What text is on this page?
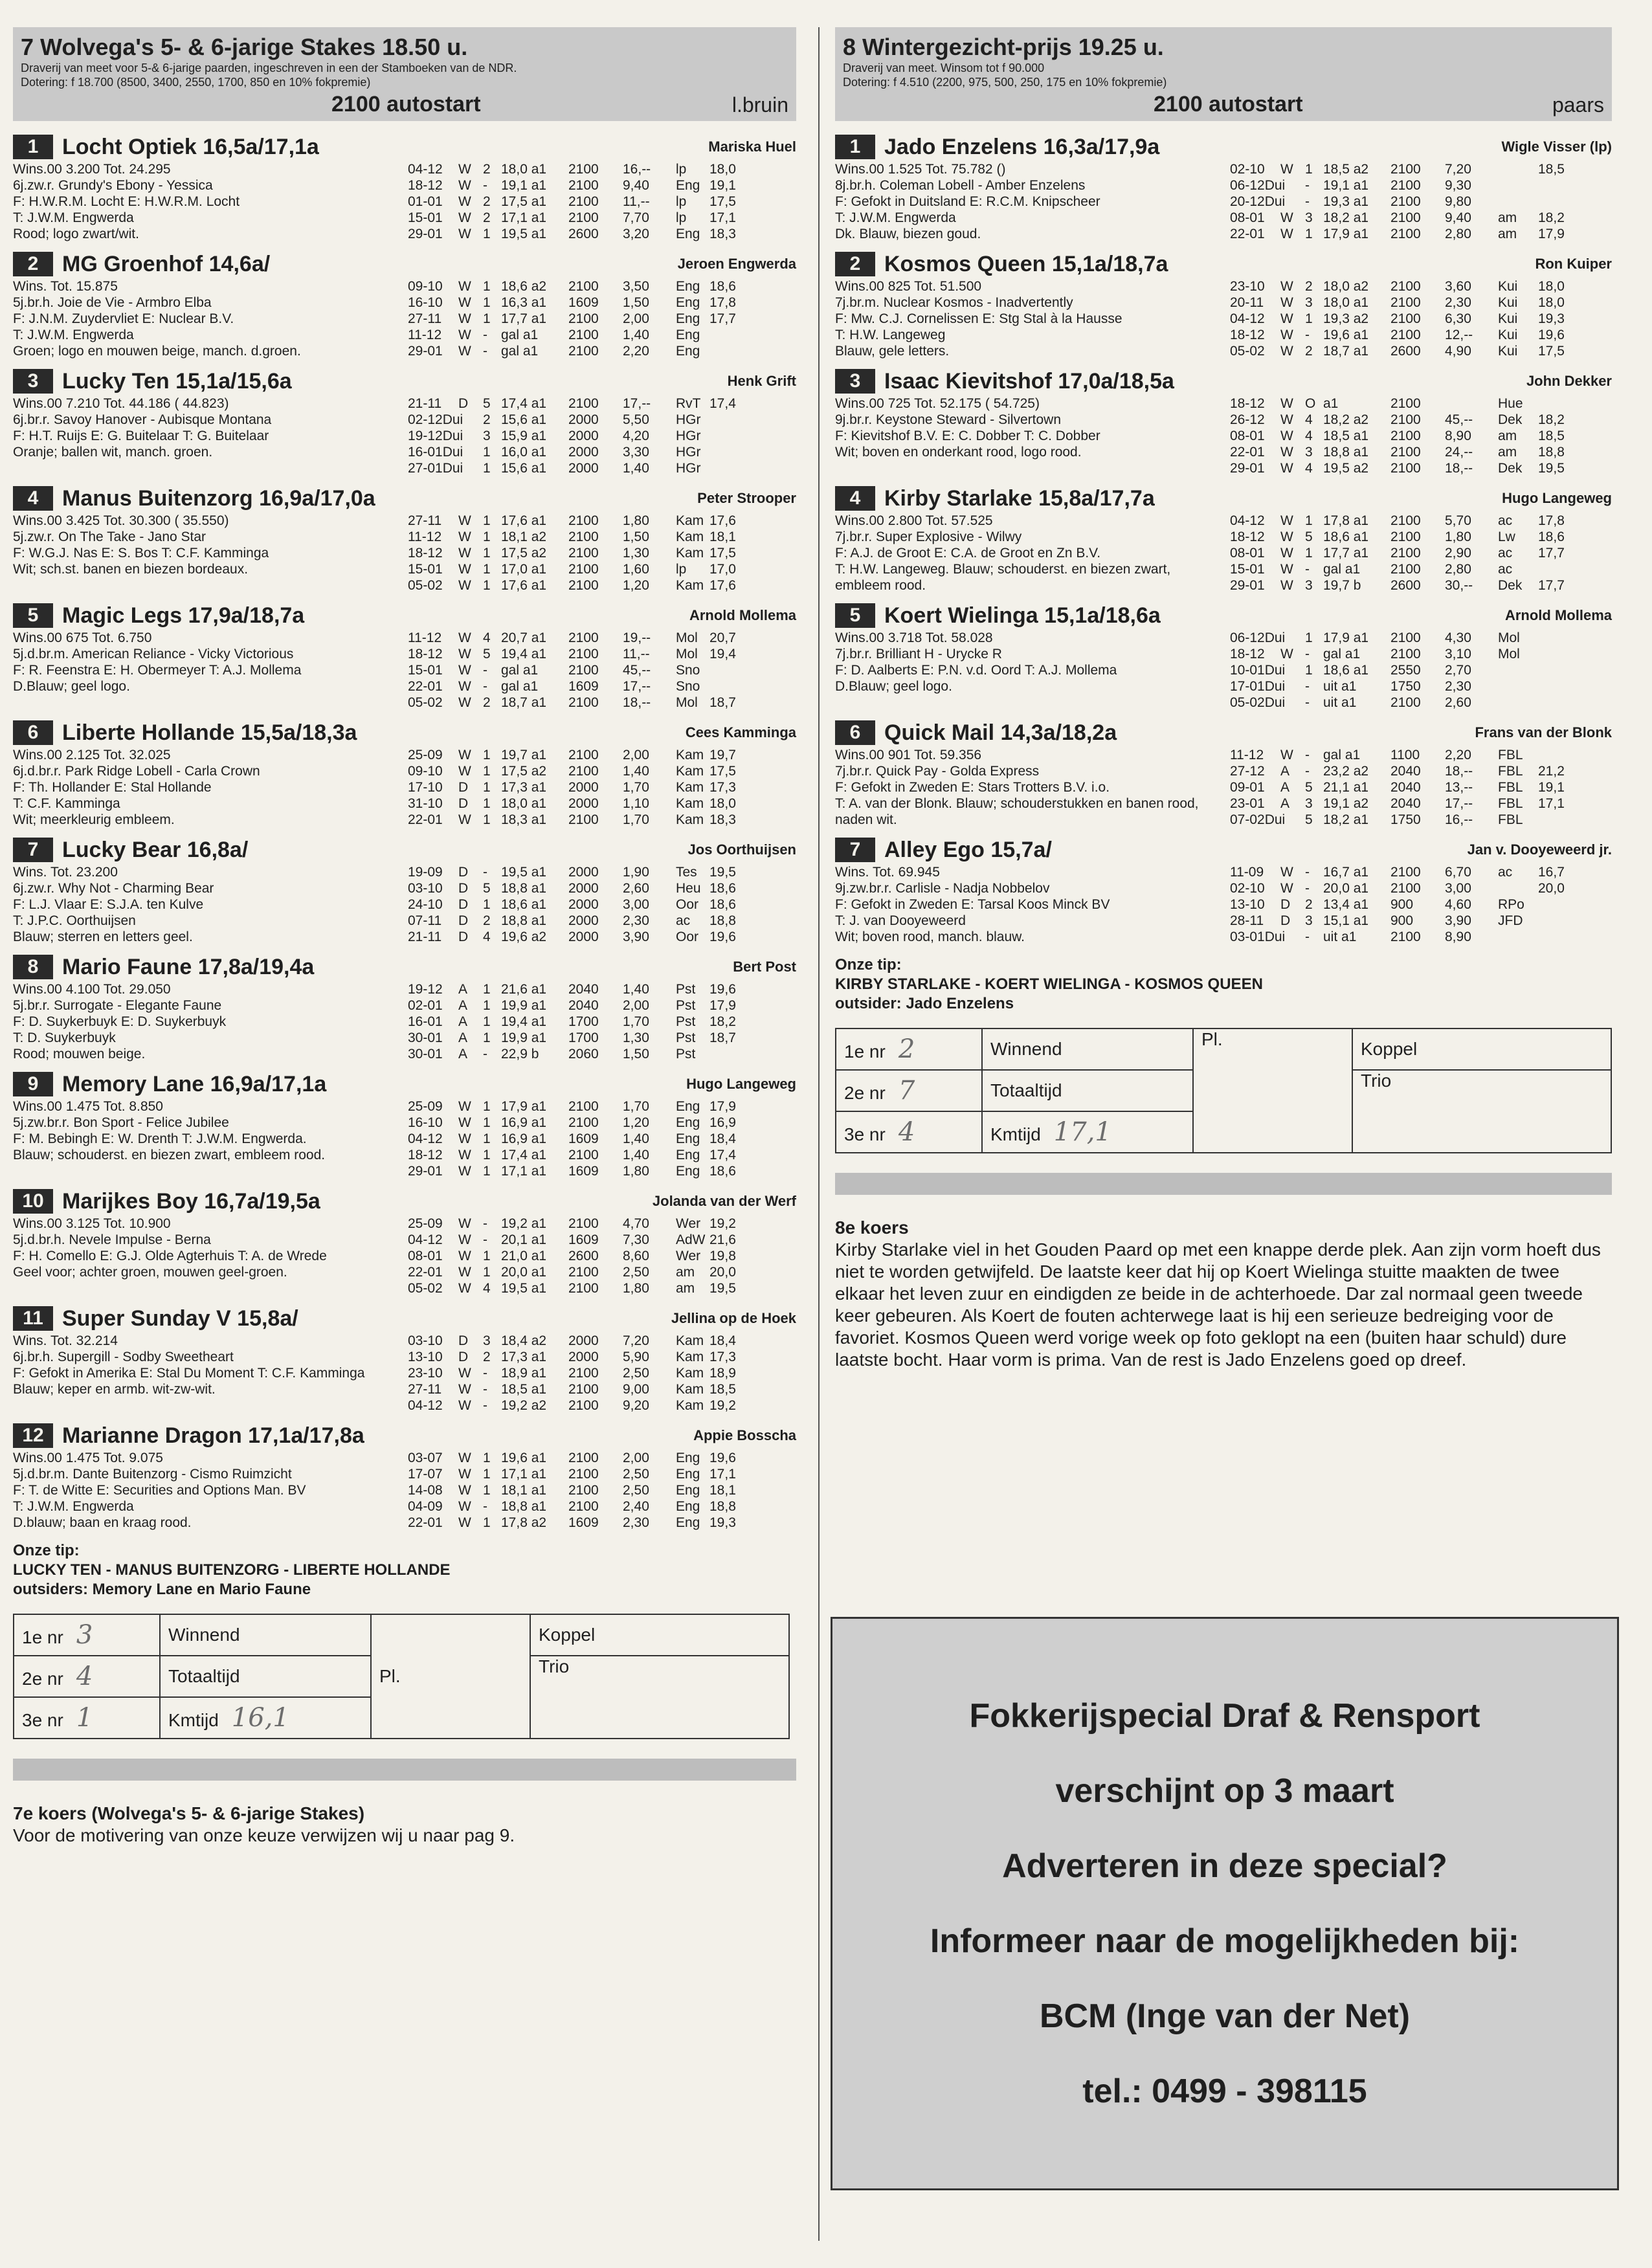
7 Wolvega's 5- & 6-jarige Stakes 18.50 u.
Draverij van meet voor 5-& 6-jarige paarden, ingeschreven in een der Stamboeken van de NDR.
Dotering: f 18.700 (8500, 3400, 2550, 1700, 850 en 10% fokpremie)
2100 autostart	l.bruin
1	Locht Optiek 16,5a/17,1a	Mariska Huel
Wins.00 3.200 Tot. 24.295
6j.zw.r. Grundy's Ebony - Yessica
F: H.W.R.M. Locht E: H.W.R.M. Locht
T: J.W.M. Engwerda
Rood; logo zwart/wit.
04-12	W 2 18,0 a1	2100	16,--	lp	18,0
18-12	W -	19,1 a1	2100	9,40	Eng 19,1
01-01	W 2 17,5 a1	2100	11,--	lp	17,5
15-01	W 2 17,1 a1	2100	7,70	lp	17,1
29-01	W 1 19,5 a1	2600	3,20	Eng 18,3
2	MG Groenhof 14,6a/	Jeroen Engwerda
Wins. Tot. 15.875
5j.br.h. Joie de Vie - Armbro Elba
F: J.N.M. Zuydervliet E: Nuclear B.V.
T: J.W.M. Engwerda
Groen; logo en mouwen beige, manch. d.groen.
09-10	W 1 18,6 a2	2100	3,50	Eng 18,6
16-10	W 1 16,3 a1	1609	1,50	Eng 17,8
27-11	W 1 17,7 a1	2100	2,00	Eng 17,7
11-12	W -	gal a1	2100	1,40	Eng
29-01	W -	gal a1	2100	2,20	Eng
3	Lucky Ten 15,1a/15,6a	Henk Grift
Wins.00 7.210 Tot. 44.186 ( 44.823)
6j.br.r. Savoy Hanover - Aubisque Montana
F: H.T. Ruijs E: G. Buitelaar T: G. Buitelaar
Oranje; ballen wit, manch. groen.
21-11	D	5 17,4 a1	2100	17,--	RvT 17,4
02-12Dui 2 15,6 a1	2000	5,50	HGr
19-12Dui 3 15,9 a1	2000	4,20	HGr
16-01Dui 1 16,0 a1	2000	3,30	HGr
27-01Dui 1 15,6 a1	2000	1,40	HGr
4	Manus Buitenzorg 16,9a/17,0a	Peter Strooper
Wins.00 3.425 Tot. 30.300 ( 35.550)
5j.zw.r. On The Take - Jano Star
F: W.G.J. Nas E: S. Bos T: C.F. Kamminga
Wit; sch.st. banen en biezen bordeaux.
27-11	W 1 17,6 a1	2100	1,80	Kam 17,6
11-12	W 1 18,1 a2	2100	1,50	Kam 18,1
18-12	W 1 17,5 a2	2100	1,30	Kam 17,5
15-01	W 1 17,0 a1	2100	1,60	lp	17,0
05-02	W 1 17,6 a1	2100	1,20	Kam 17,6
5	Magic Legs 17,9a/18,7a	Arnold Mollema
Wins.00 675 Tot. 6.750
5j.d.br.m. American Reliance - Vicky Victorious
F: R. Feenstra E: H. Obermeyer T: A.J. Mollema
D.Blauw; geel logo.
11-12	W 4 20,7 a1	2100	19,--	Mol 20,7
18-12	W 5 19,4 a1	2100	11,--	Mol 19,4
15-01	W -	gal a1	2100	45,--	Sno
22-01	W -	gal a1	1609	17,--	Sno
05-02	W 2 18,7 a1	2100	18,--	Mol 18,7
6	Liberte Hollande 15,5a/18,3a	Cees Kamminga
Wins.00 2.125 Tot. 32.025
6j.d.br.r. Park Ridge Lobell - Carla Crown
F: Th. Hollander E: Stal Hollande
T: C.F. Kamminga
Wit; meerkleurig embleem.
25-09	W 1 19,7 a1	2100	2,00	Kam 19,7
09-10	W 1 17,5 a2	2100	1,40	Kam 17,5
17-10	D	1 17,3 a1	2000	1,70	Kam 17,3
31-10	D	1 18,0 a1	2000	1,10	Kam 18,0
22-01	W 1 18,3 a1	2100	1,70	Kam 18,3
7	Lucky Bear 16,8a/	Jos Oorthuijsen
Wins. Tot. 23.200
6j.zw.r. Why Not - Charming Bear
F: L.J. Vlaar E: S.J.A. ten Kulve
T: J.P.C. Oorthuijsen
Blauw; sterren en letters geel.
19-09	D	-	19,5 a1	2000	1,90	Tes 19,5
03-10	D	5 18,8 a1	2000	2,60	Heu 18,6
24-10	D	1 18,6 a1	2000	3,00	Oor 18,6
07-11	D	2 18,8 a1	2000	2,30	ac	18,8
21-11	D	4 19,6 a2	2000	3,90	Oor 19,6
8	Mario Faune 17,8a/19,4a	Bert Post
Wins.00 4.100 Tot. 29.050
5j.br.r. Surrogate - Elegante Faune
F: D. Suykerbuyk E: D. Suykerbuyk
T: D. Suykerbuyk
Rood; mouwen beige.
19-12	A	1 21,6 a1	2040	1,40	Pst	19,6
02-01	A	1 19,9 a1	2040	2,00	Pst	17,9
16-01	A	1 19,4 a1	1700	1,70	Pst	18,2
30-01	A	1 19,9 a1	1700	1,30	Pst	18,7
30-01	A	-	22,9 b	2060	1,50	Pst
9	Memory Lane 16,9a/17,1a	Hugo Langeweg
Wins.00 1.475 Tot. 8.850
5j.zw.br.r. Bon Sport - Felice Jubilee
F: M. Bebingh E: W. Drenth T: J.W.M. Engwerda.
Blauw; schouderst. en biezen zwart, embleem rood.
25-09	W 1 17,9 a1	2100	1,70	Eng 17,9
16-10	W 1 16,9 a1	2100	1,20	Eng 16,9
04-12	W 1 16,9 a1	1609	1,40	Eng 18,4
18-12	W 1 17,4 a1	2100	1,40	Eng 17,4
29-01	W 1 17,1 a1	1609	1,80	Eng 18,6
10 Marijkes Boy 16,7a/19,5a	Jolanda van der Werf
Wins.00 3.125 Tot. 10.900
5j.d.br.h. Nevele Impulse - Berna
F: H. Comello E: G.J. Olde Agterhuis T: A. de Wrede
Geel voor; achter groen, mouwen geel-groen.
25-09	W -	19,2 a1	2100	4,70	Wer 19,2
04-12	W -	20,1 a1	1609	7,30	AdW 21,6
08-01	W 1 21,0 a1	2600	8,60	Wer 19,8
22-01	W 1 20,0 a1	2100	2,50	am	20,0
05-02	W 4 19,5 a1	2100	1,80	am	19,5
11 Super Sunday V 15,8a/	Jellina op de Hoek
Wins. Tot. 32.214
6j.br.h. Supergill - Sodby Sweetheart
F: Gefokt in Amerika E: Stal Du Moment T: C.F. Kamminga
Blauw; keper en armb. wit-zw-wit.
03-10	D	3 18,4 a2	2000	7,20	Kam 18,4
13-10	D	2 17,3 a1	2000	5,90	Kam 17,3
23-10	W -	18,9 a1	2100	2,50	Kam 18,9
27-11	W -	18,5 a1	2100	9,00	Kam 18,5
04-12	W -	19,2 a2	2100	9,20	Kam 19,2
12 Marianne Dragon 17,1a/17,8a	Appie Bosscha
Wins.00 1.475 Tot. 9.075
5j.d.br.m. Dante Buitenzorg - Cismo Ruimzicht
F: T. de Witte E: Securities and Options Man. BV
T: J.W.M. Engwerda
D.blauw; baan en kraag rood.
03-07	W 1 19,6 a1	2100	2,00	Eng 19,6
17-07	W 1 17,1 a1	2100	2,50	Eng 17,1
14-08	W 1 18,1 a1	2100	2,50	Eng 18,1
04-09	W -	18,8 a1	2100	2,40	Eng 18,8
22-01	W 1 17,8 a2	1609	2,30	Eng 19,3
Onze tip:
LUCKY TEN - MANUS BUITENZORG - LIBERTE HOLLANDE
outsiders: Memory Lane en Mario Faune
1e nr 3	Winnend	Pl.	Koppel
2e nr 4	Totaaltijd		Trio
3e nr 1	Kmtijd 16,1		
7e koers (Wolvega's 5- & 6-jarige Stakes)
Voor de motivering van onze keuze verwijzen wij u naar pag 9.
8 Wintergezicht-prijs 19.25 u.
Draverij van meet. Winsom tot f 90.000
Dotering: f 4.510 (2200, 975, 500, 250, 175 en 10% fokpremie)
2100 autostart	paars
1	Jado Enzelens 16,3a/17,9a	Wigle Visser (lp)
Wins.00 1.525 Tot. 75.782 ()
8j.br.h. Coleman Lobell - Amber Enzelens
F: Gefokt in Duitsland E: R.C.M. Knipscheer
T: J.W.M. Engwerda
Dk. Blauw, biezen goud.
02-10	W 1 18,5 a2	2100	7,20	18,5
06-12Dui -	19,1 a1	2100	9,30
20-12Dui -	19,3 a1	2100	9,80
08-01	W 3 18,2 a1	2100	9,40	am	18,2
22-01	W 1 17,9 a1	2100	2,80	am	17,9
2	Kosmos Queen 15,1a/18,7a	Ron Kuiper
Wins.00 825 Tot. 51.500
7j.br.m. Nuclear Kosmos - Inadvertently
F: Mw. C.J. Cornelissen E: Stg Stal à la Hausse
T: H.W. Langeweg
Blauw, gele letters.
23-10	W 2 18,0 a2	2100	3,60	Kui	18,0
20-11	W 3 18,0 a1	2100	2,30	Kui	18,0
04-12	W 1 19,3 a2	2100	6,30	Kui	19,3
18-12	W -	19,6 a1	2100	12,--	Kui	19,6
05-02	W 2 18,7 a1	2600	4,90	Kui	17,5
3	Isaac Kievitshof 17,0a/18,5a	John Dekker
Wins.00 725 Tot. 52.175 ( 54.725)
9j.br.r. Keystone Steward - Silvertown
F: Kievitshof B.V. E: C. Dobber T: C. Dobber
Wit; boven en onderkant rood, logo rood.
18-12	W O a1	2100	Hue
26-12	W 4 18,2 a2	2100	45,--	Dek	18,2
08-01	W 4 18,5 a1	2100	8,90	am	18,5
22-01	W 3 18,8 a1	2100	24,--	am	18,8
29-01	W 4 19,5 a2	2100	18,--	Dek	19,5
4	Kirby Starlake 15,8a/17,7a	Hugo Langeweg
Wins.00 2.800 Tot. 57.525
7j.br.r. Super Explosive - Wilwy
F: A.J. de Groot E: C.A. de Groot en Zn B.V.
T: H.W. Langeweg. Blauw; schouderst. en biezen zwart, embleem rood.
04-12	W 1 17,8 a1	2100	5,70	ac	17,8
18-12	W 5 18,6 a1	2100	1,80	Lw	18,6
08-01	W 1 17,7 a1	2100	2,90	ac	17,7
15-01	W -	gal a1	2100	2,80	ac
29-01	W 3 19,7 b	2600	30,--	Dek	17,7
5	Koert Wielinga 15,1a/18,6a	Arnold Mollema
Wins.00 3.718 Tot. 58.028
7j.br.r. Brilliant H - Urycke R
F: D. Aalberts E: P.N. v.d. Oord T: A.J. Mollema
D.Blauw; geel logo.
06-12Dui 1 17,9 a1	2100	4,30	Mol
18-12	W -	gal a1	2100	3,10	Mol
10-01Dui 1 18,6 a1	2550	2,70
17-01Dui -	uit a1	1750	2,30
05-02Dui -	uit a1	2100	2,60
6	Quick Mail 14,3a/18,2a	Frans van der Blonk
Wins.00 901 Tot. 59.356
7j.br.r. Quick Pay - Golda Express
F: Gefokt in Zweden E: Stars Trotters B.V. i.o.
T: A. van der Blonk. Blauw; schouderstukken en banen rood, naden wit.
11-12	W -	gal a1	1100	2,20	FBL
27-12	A	-	23,2 a2	2040	18,--	FBL	21,2
09-01	A	5 21,1 a1	2040	13,--	FBL	19,1
23-01	A	3 19,1 a2	2040	17,--	FBL	17,1
07-02Dui 5 18,2 a1	1750	16,--	FBL
7	Alley Ego 15,7a/	Jan v. Dooyeweerd jr.
Wins. Tot. 69.945
9j.zw.br.r. Carlisle - Nadja Nobbelov
F: Gefokt in Zweden E: Tarsal Koos Minck BV
T: J. van Dooyeweerd
Wit; boven rood, manch. blauw.
11-09	W -	16,7 a1	2100	6,70	ac	16,7
02-10	W -	20,0 a1	2100	3,00	20,0
13-10	D	2 13,4 a1	900	4,60	RPo
28-11	D	3 15,1 a1	900	3,90	JFD
03-01Dui -	uit a1	2100	8,90
Onze tip:
KIRBY STARLAKE - KOERT WIELINGA - KOSMOS QUEEN
outsider: Jado Enzelens
1e nr 2	Winnend	Pl.	Koppel
2e nr 7	Totaaltijd		Trio
3e nr 4	Kmtijd 17,1		
8e koers
Kirby Starlake viel in het Gouden Paard op met een knappe derde plek. Aan zijn vorm hoeft dus niet te worden getwijfeld. De laatste keer dat hij op Koert Wielinga stuitte maakten de twee elkaar het leven zuur en eindigden ze beide in de achterhoede. Dar zal normaal geen tweede keer gebeuren. Als Koert de fouten achterwege laat is hij een serieuze bedreiging voor de favoriet. Kosmos Queen werd vorige week op foto geklopt na een (buiten haar schuld) dure laatste bocht. Haar vorm is prima. Van de rest is Jado Enzelens goed op dreef.
Fokkerijspecial Draf & Rensport
verschijnt op 3 maart
Adverteren in deze special?
Informeer naar de mogelijkheden bij:
BCM (Inge van der Net)
tel.: 0499 - 398115
